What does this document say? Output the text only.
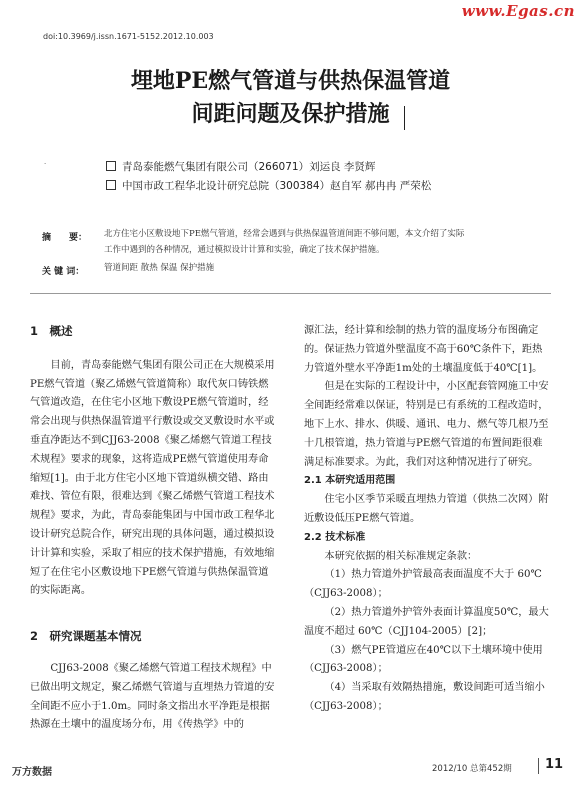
www.Egas.cn
doi:10.3969/j.issn.1671-5152.2012.10.003
埋地PE燃气管道与供热保温管道
间距问题及保护措施
·	青岛泰能燃气集团有限公司（266071）刘运良 李贤辉
中国市政工程华北设计研究总院（300384）赵自军 郝冉冉 严荣松
摘　　要： 北方住宅小区敷设地下PE燃气管道，经常会遇到与供热保温管道间距不够问题，本文介绍了实际
工作中遇到的各种情况，通过模拟设计计算和实验，确定了技术保护措施。
关 键 词： 管道间距 散热 保温 保护措施

1　概述

目前，青岛泰能燃气集团有限公司正在大规模采用PE燃气管道（聚乙烯燃气管道简称）取代灰口铸铁燃气管道改造，在住宅小区地下敷设PE燃气管道时，经常会出现与供热保温管道平行敷设或交叉敷设时水平或垂直净距达不到CJJ63-2008《聚乙烯燃气管道工程技术规程》要求的现象，这将造成PE燃气管道使用寿命缩短[1]。由于北方住宅小区地下管道纵横交错、路由难找、管位有限，很难达到《聚乙烯燃气管道工程技术规程》要求，为此，青岛泰能集团与中国市政工程华北设计研究总院合作，研究出现的具体问题，通过模拟设计计算和实验，采取了相应的技术保护措施，有效地缩短了在住宅小区敷设地下PE燃气管道与供热保温管道的实际距离。

2　研究课题基本情况

CJJ63-2008《聚乙烯燃气管道工程技术规程》中已做出明文规定，聚乙烯燃气管道与直埋热力管道的安全间距不应小于1.0m。同时条文指出水平净距是根据热源在土壤中的温度场分布，用《传热学》中的

源汇法，经计算和绘制的热力管的温度场分布图确定的。保证热力管道外壁温度不高于60℃条件下，距热力管道外壁水平净距1m处的土壤温度低于40℃[1]。

但是在实际的工程设计中，小区配套管网施工中安全间距经常难以保证，特别是已有系统的工程改造时，地下上水、排水、供暖、通讯、电力、燃气等几根乃至十几根管道，热力管道与PE燃气管道的布置间距很难满足标准要求。为此，我们对这种情况进行了研究。

2.1 本研究适用范围

住宅小区季节采暖直埋热力管道（供热二次网）附近敷设低压PE燃气管道。

2.2 技术标准

本研究依据的相关标准规定条款：

（1）热力管道外护管最高表面温度不大于 60℃（CJJ63-2008）；

（2）热力管道外护管外表面计算温度50℃，最大温度不超过 60℃（CJJ104-2005）[2]；

（3）燃气PE管道应在40℃以下土壤环境中使用（CJJ63-2008）；

（4）当采取有效隔热措施，敷设间距可适当缩小（CJJ63-2008）；

万方数据	2012/10 总第452期	11
